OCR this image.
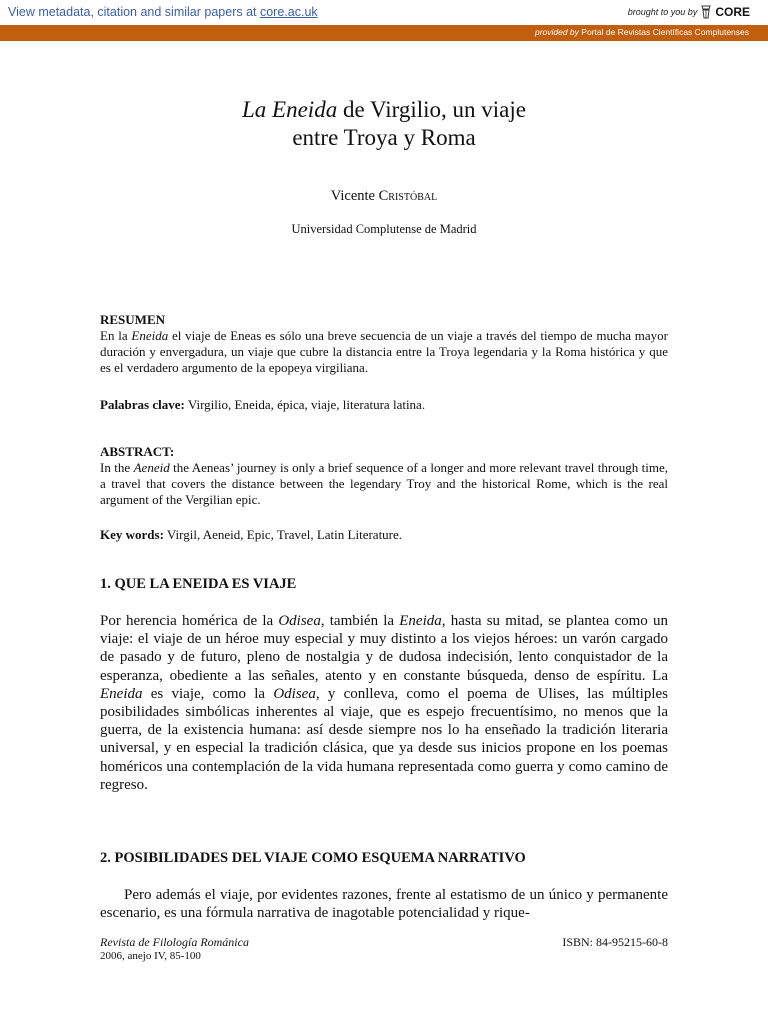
View metadata, citation and similar papers at core.ac.uk	brought to you by CORE
provided by Portal de Revistas Científicas Complutenses
La Eneida de Virgilio, un viaje
entre Troya y Roma
Vicente Cristóbal
Universidad Complutense de Madrid
RESUMEN
En la Eneida el viaje de Eneas es sólo una breve secuencia de un viaje a través del tiempo de mucha mayor duración y envergadura, un viaje que cubre la distancia entre la Troya legendaria y la Roma histórica y que es el verdadero argumento de la epopeya virgiliana.
Palabras clave: Virgilio, Eneida, épica, viaje, literatura latina.
ABSTRACT:
In the Aeneid the Aeneas’ journey is only a brief sequence of a longer and more relevant travel through time, a travel that covers the distance between the legendary Troy and the historical Rome, which is the real argument of the Vergilian epic.
Key words: Virgil, Aeneid, Epic, Travel, Latin Literature.
1. QUE LA ENEIDA ES VIAJE
Por herencia homérica de la Odisea, también la Eneida, hasta su mitad, se plantea como un viaje: el viaje de un héroe muy especial y muy distinto a los viejos héroes: un varón cargado de pasado y de futuro, pleno de nostalgia y de dudosa indecisión, lento conquistador de la esperanza, obediente a las señales, atento y en constante búsqueda, denso de espíritu. La Eneida es viaje, como la Odisea, y conlleva, como el poema de Ulises, las múltiples posibilidades simbólicas inherentes al viaje, que es espejo frecuentísimo, no menos que la guerra, de la existencia humana: así desde siempre nos lo ha enseñado la tradición literaria universal, y en especial la tradición clásica, que ya desde sus inicios propone en los poemas homéricos una contemplación de la vida humana representada como guerra y como camino de regreso.
2. POSIBILIDADES DEL VIAJE COMO ESQUEMA NARRATIVO
Pero además el viaje, por evidentes razones, frente al estatismo de un único y permanente escenario, es una fórmula narrativa de inagotable potencialidad y rique-
Revista de Filología Románica
2006, anejo IV, 85-100
ISBN: 84-95215-60-8
